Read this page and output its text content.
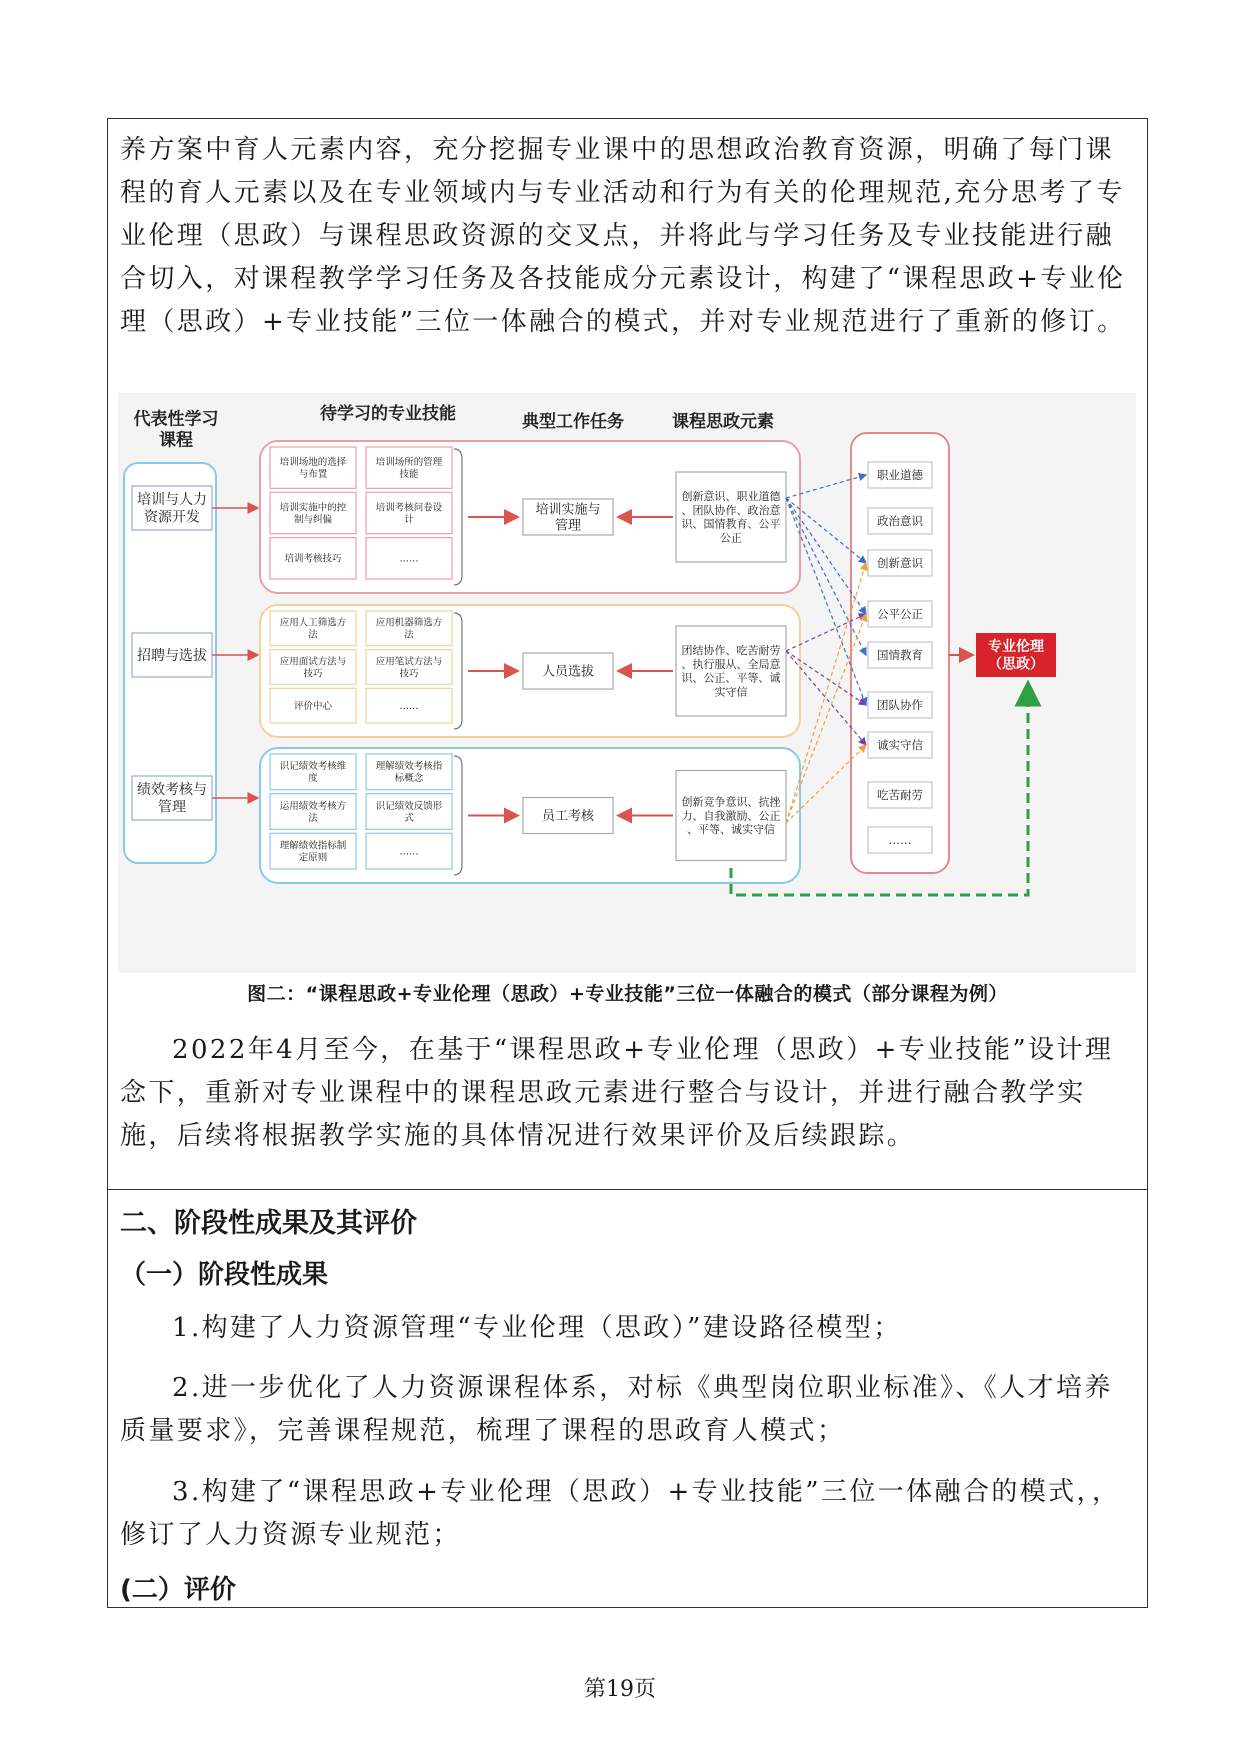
养方案中育人元素内容，充分挖掘专业课中的思想政治教育资源，明确了每门课程的育人元素以及在专业领域内与专业活动和行为有关的伦理规范,充分思考了专业伦理（思政）与课程思政资源的交叉点，并将此与学习任务及专业技能进行融合切入，对课程教学学习任务及各技能成分元素设计，构建了“课程思政+专业伦理（思政）+专业技能”三位一体融合的模式，并对专业规范进行了重新的修订。

代表性学习课程
待学习的专业技能	典型工作任务	课程思政元素
培训与人力资源开发
招聘与选拔
绩效考核与管理
培训场地的选择与布置
培训场所的管理技能
培训实施中的控制与纠偏
培训考核问卷设计
培训考核技巧	……
培训实施与管理
创新意识、职业道德、团队协作、政治意识、国情教育、公平公正
应用人工筛选方法
应用机器筛选方法
应用面试方法与技巧
应用笔试方法与技巧
评价中心	……
人员选拔
团结协作、吃苦耐劳、执行服从、全局意识、公正、平等、诚实守信
识记绩效考核维度
理解绩效考核指标概念
运用绩效考核方法
识记绩效反馈形式
理解绩效指标制定原则
……
员工考核
创新竞争意识、抗挫力、自我激励、公正、平等、诚实守信
职业道德
政治意识
创新意识
公平公正
国情教育
团队协作
诚实守信
吃苦耐劳
……
专业伦理（思政）
图二：“课程思政+专业伦理（思政）+专业技能”三位一体融合的模式（部分课程为例）

2022年4月至今，在基于“课程思政+专业伦理（思政）+专业技能”设计理念下，重新对专业课程中的课程思政元素进行整合与设计，并进行融合教学实施，后续将根据教学实施的具体情况进行效果评价及后续跟踪。

二、阶段性成果及其评价
（一）阶段性成果

1.构建了人力资源管理“专业伦理（思政）”建设路径模型；

2.进一步优化了人力资源课程体系，对标《典型岗位职业标准》、《人才培养质量要求》，完善课程规范，梳理了课程的思政育人模式；

3.构建了“课程思政+专业伦理（思政）+专业技能”三位一体融合的模式，，修订了人力资源专业规范；

(二）评价
第19页
